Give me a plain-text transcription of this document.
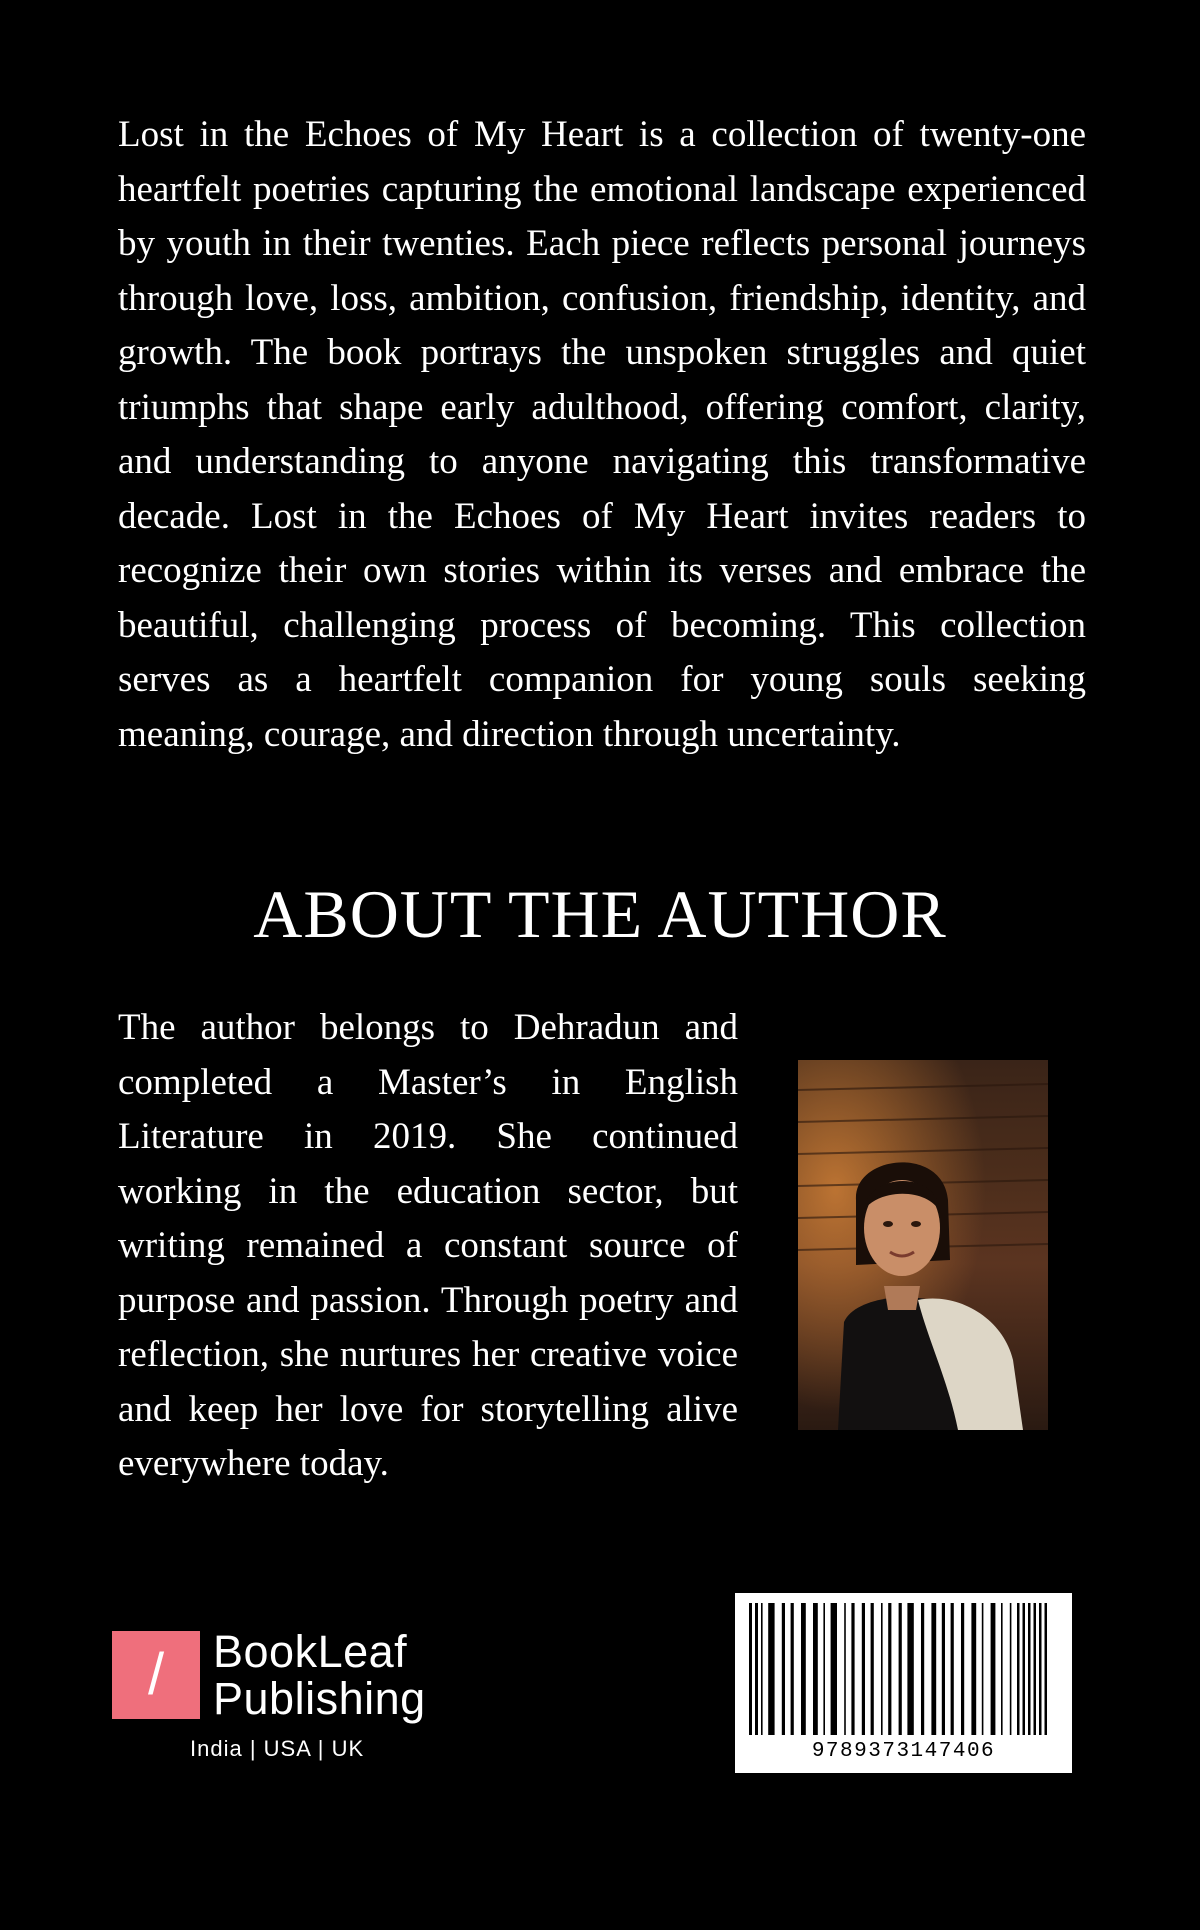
Lost in the Echoes of My Heart is a collection of twenty-one heartfelt poetries capturing the emotional landscape experienced by youth in their twenties. Each piece reflects personal journeys through love, loss, ambition, confusion, friendship, identity, and growth. The book portrays the unspoken struggles and quiet triumphs that shape early adulthood, offering comfort, clarity, and understanding to anyone navigating this transformative decade. Lost in the Echoes of My Heart invites readers to recognize their own stories within its verses and embrace the beautiful, challenging process of becoming. This collection serves as a heartfelt companion for young souls seeking meaning, courage, and direction through uncertainty.

ABOUT THE AUTHOR

The author belongs to Dehradun and completed a Master’s in English Literature in 2019. She continued working in the education sector, but writing remained a constant source of purpose and passion. Through poetry and reflection, she nurtures her creative voice and keep her love for storytelling alive everywhere today.

/	BookLeaf
Publishing
India | USA | UK	9789373147406
